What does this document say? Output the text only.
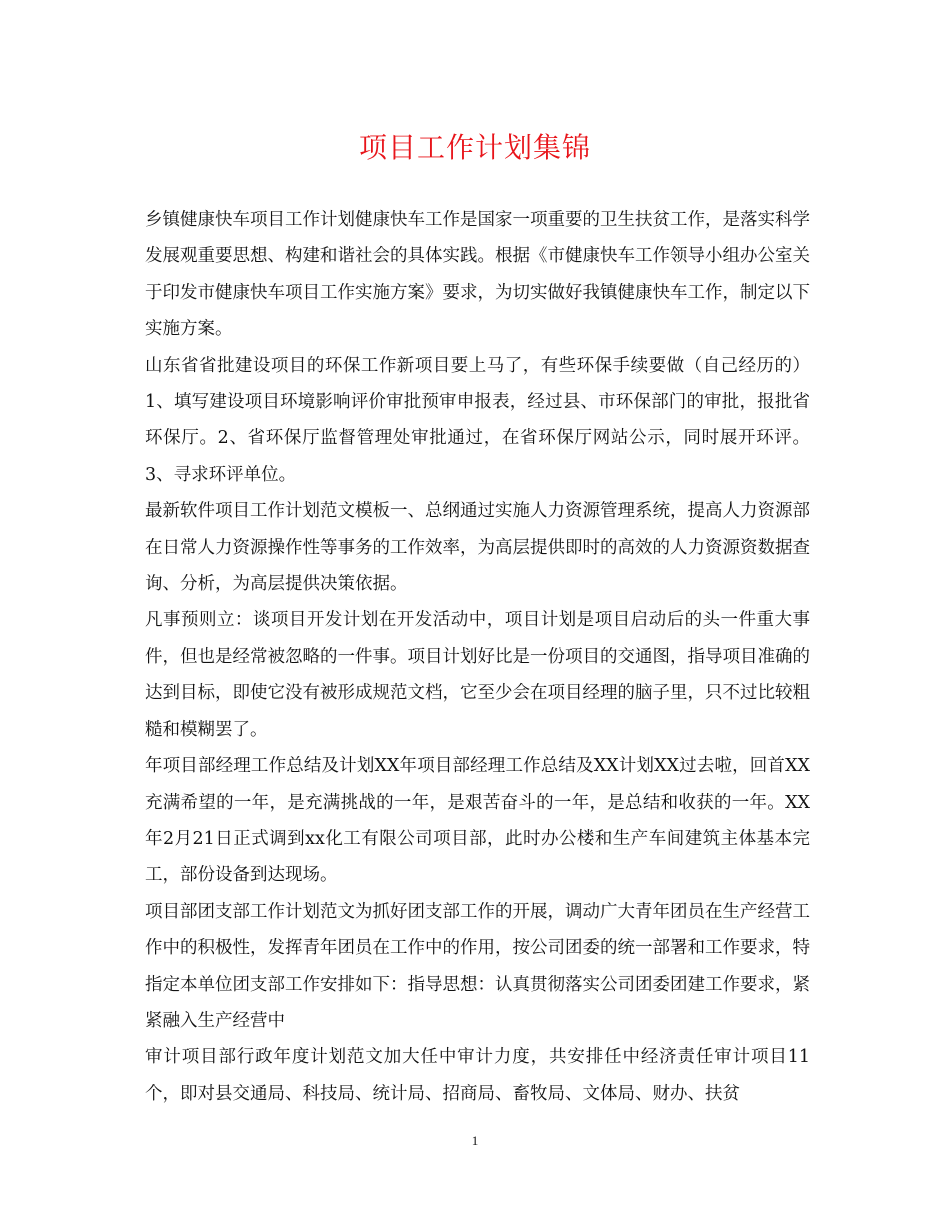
项目工作计划集锦

乡镇健康快车项目工作计划健康快车工作是国家一项重要的卫生扶贫工作，是落实科学发展观重要思想、构建和谐社会的具体实践。根据《市健康快车工作领导小组办公室关于印发市健康快车项目工作实施方案》要求，为切实做好我镇健康快车工作，制定以下实施方案。

山东省省批建设项目的环保工作新项目要上马了，有些环保手续要做（自己经历的）1、填写建设项目环境影响评价审批预审申报表，经过县、市环保部门的审批，报批省环保厅。2、省环保厅监督管理处审批通过，在省环保厅网站公示，同时展开环评。3、寻求环评单位。

最新软件项目工作计划范文模板一、总纲通过实施人力资源管理系统，提高人力资源部在日常人力资源操作性等事务的工作效率，为高层提供即时的高效的人力资源资数据查询、分析，为高层提供决策依据。

凡事预则立：谈项目开发计划在开发活动中，项目计划是项目启动后的头一件重大事件，但也是经常被忽略的一件事。项目计划好比是一份项目的交通图，指导项目准确的达到目标，即使它没有被形成规范文档，它至少会在项目经理的脑子里，只不过比较粗糙和模糊罢了。

年项目部经理工作总结及计划XX年项目部经理工作总结及XX计划XX过去啦，回首XX充满希望的一年，是充满挑战的一年，是艰苦奋斗的一年，是总结和收获的一年。XX年2月21日正式调到xx化工有限公司项目部，此时办公楼和生产车间建筑主体基本完工，部份设备到达现场。

项目部团支部工作计划范文为抓好团支部工作的开展，调动广大青年团员在生产经营工作中的积极性，发挥青年团员在工作中的作用，按公司团委的统一部署和工作要求，特指定本单位团支部工作安排如下：指导思想：认真贯彻落实公司团委团建工作要求，紧紧融入生产经营中

审计项目部行政年度计划范文加大任中审计力度，共安排任中经济责任审计项目11个，即对县交通局、科技局、统计局、招商局、畜牧局、文体局、财办、扶贫

1
